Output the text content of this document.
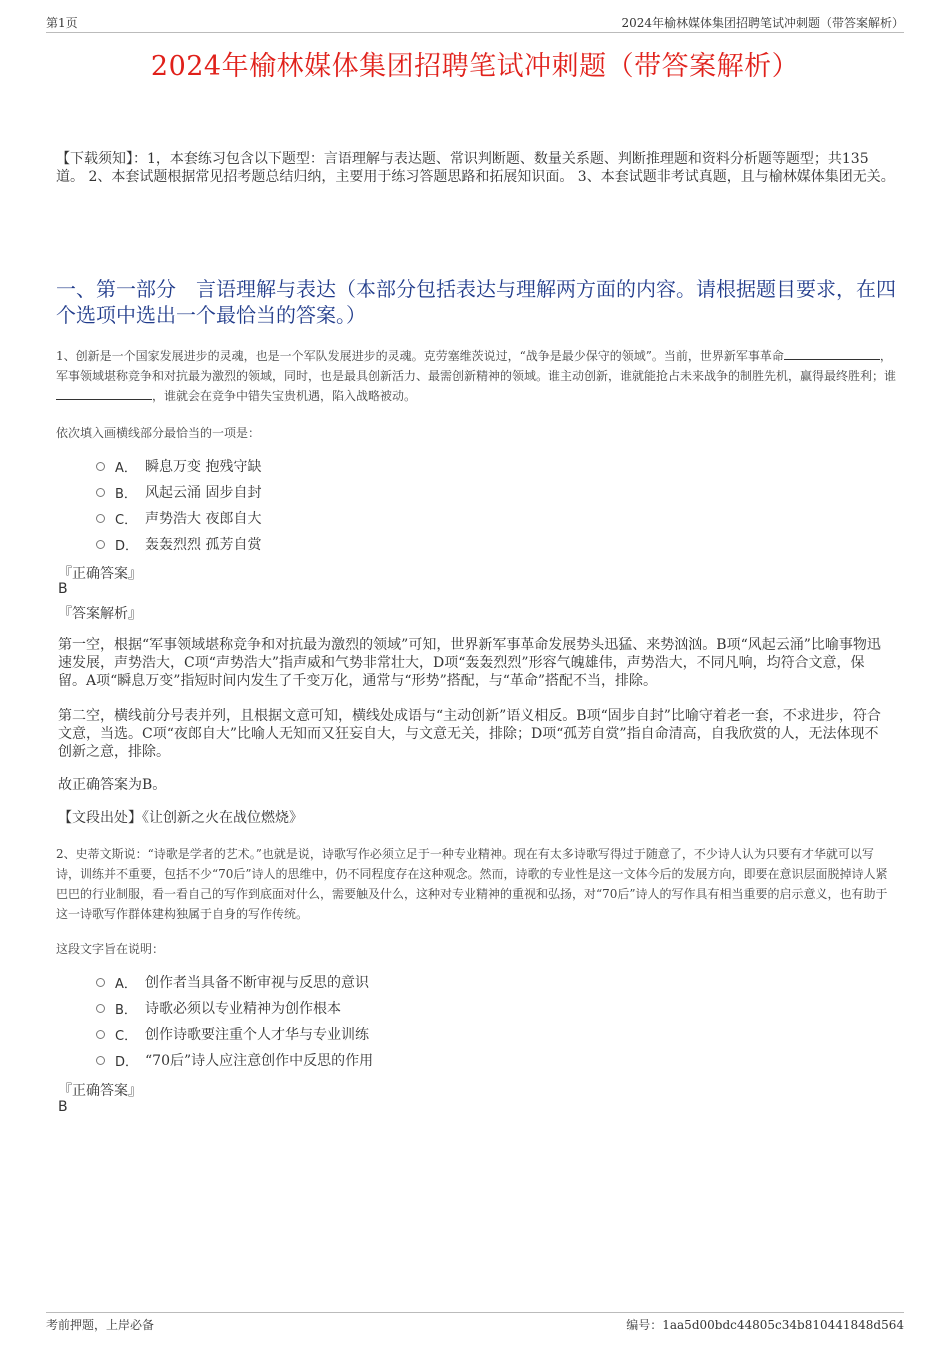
第1页	2024年榆林媒体集团招聘笔试冲刺题（带答案解析）
2024年榆林媒体集团招聘笔试冲刺题（带答案解析）
【下载须知】：1，本套练习包含以下题型：言语理解与表达题、常识判断题、数量关系题、判断推理题和资料分析题等题型；共135道。 2、本套试题根据常见招考题总结归纳，主要用于练习答题思路和拓展知识面。 3、本套试题非考试真题，且与榆林媒体集团无关。
一、第一部分　言语理解与表达（本部分包括表达与理解两方面的内容。请根据题目要求，在四个选项中选出一个最恰当的答案。）
1、创新是一个国家发展进步的灵魂，也是一个军队发展进步的灵魂。克劳塞维茨说过，“战争是最少保守的领域”。当前，世界新军事革命	，军事领域堪称竞争和对抗最为激烈的领域，同时，也是最具创新活力、最需创新精神的领域。谁主动创新，谁就能抢占未来战争的制胜先机，赢得最终胜利；谁，谁就会在竞争中错失宝贵机遇，陷入战略被动。
依次填入画横线部分最恰当的一项是：
A． 瞬息万变 抱残守缺
B． 风起云涌 固步自封
C． 声势浩大 夜郎自大
D． 轰轰烈烈 孤芳自赏
『正确答案』
B
『答案解析』
第一空，根据“军事领域堪称竞争和对抗最为激烈的领域”可知，世界新军事革命发展势头迅猛、来势汹汹。B项“风起云涌”比喻事物迅速发展，声势浩大，C项“声势浩大”指声威和气势非常壮大，D项“轰轰烈烈”形容气魄雄伟，声势浩大，不同凡响，均符合文意，保留。A项“瞬息万变”指短时间内发生了千变万化，通常与“形势”搭配，与“革命”搭配不当，排除。
第二空，横线前分号表并列，且根据文意可知，横线处成语与“主动创新”语义相反。B项“固步自封”比喻守着老一套，不求进步，符合文意，当选。C项“夜郎自大”比喻人无知而又狂妄自大，与文意无关，排除；D项“孤芳自赏”指自命清高，自我欣赏的人，无法体现不创新之意，排除。
故正确答案为B。
【文段出处】《让创新之火在战位燃烧》
2、史蒂文斯说：“诗歌是学者的艺术。”也就是说，诗歌写作必须立足于一种专业精神。现在有太多诗歌写得过于随意了，不少诗人认为只要有才华就可以写诗，训练并不重要，包括不少“70后”诗人的思维中，仍不同程度存在这种观念。然而，诗歌的专业性是这一文体今后的发展方向，即要在意识层面脱掉诗人紧巴巴的行业制服，看一看自己的写作到底面对什么，需要触及什么，这种对专业精神的重视和弘扬，对“70后”诗人的写作具有相当重要的启示意义，也有助于这一诗歌写作群体建构独属于自身的写作传统。
这段文字旨在说明：
A． 创作者当具备不断审视与反思的意识
B． 诗歌必须以专业精神为创作根本
C． 创作诗歌要注重个人才华与专业训练
D． “70后”诗人应注意创作中反思的作用
『正确答案』
B
考前押题，上岸必备	编号：1aa5d00bdc44805c34b810441848d564
